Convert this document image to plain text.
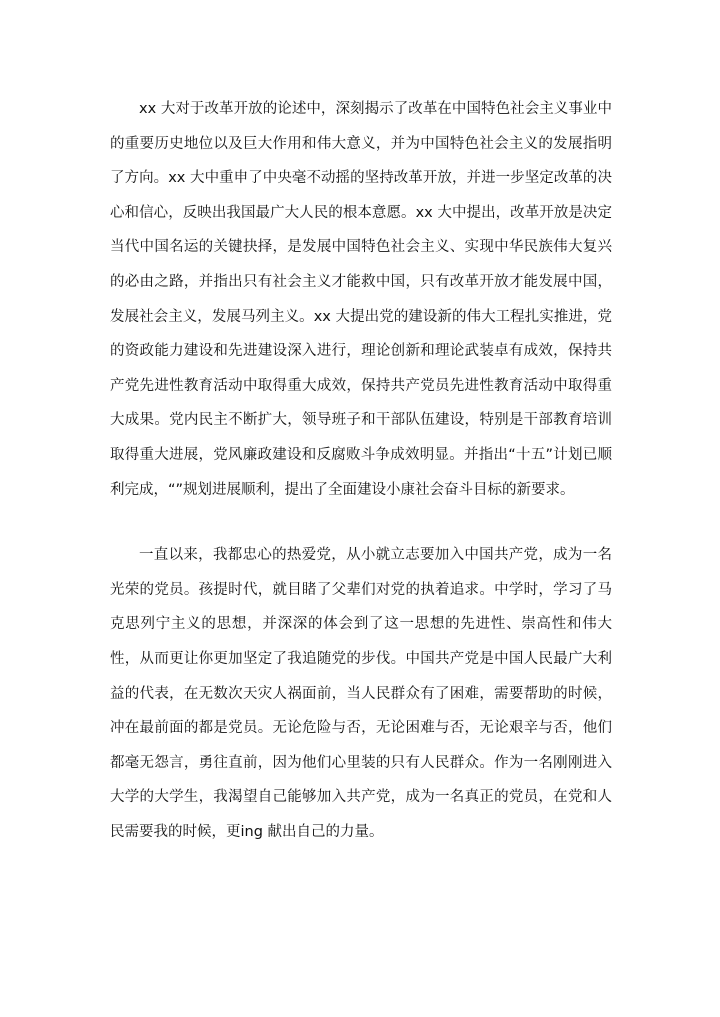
xx 大对于改革开放的论述中，深刻揭示了改革在中国特色社会主义事业中的重要历史地位以及巨大作用和伟大意义，并为中国特色社会主义的发展指明了方向。xx 大中重申了中央毫不动摇的坚持改革开放，并进一步坚定改革的决心和信心，反映出我国最广大人民的根本意愿。xx 大中提出，改革开放是决定当代中国名运的关键抉择，是发展中国特色社会主义、实现中华民族伟大复兴的必由之路，并指出只有社会主义才能救中国，只有改革开放才能发展中国，发展社会主义，发展马列主义。xx 大提出党的建设新的伟大工程扎实推进，党的资政能力建设和先进建设深入进行，理论创新和理论武装卓有成效，保持共产党先进性教育活动中取得重大成效，保持共产党员先进性教育活动中取得重大成果。党内民主不断扩大，领导班子和干部队伍建设，特别是干部教育培训取得重大进展，党风廉政建设和反腐败斗争成效明显。并指出“十五”计划已顺利完成，“”规划进展顺利，提出了全面建设小康社会奋斗目标的新要求。

一直以来，我都忠心的热爱党，从小就立志要加入中国共产党，成为一名光荣的党员。孩提时代，就目睹了父辈们对党的执着追求。中学时，学习了马克思列宁主义的思想，并深深的体会到了这一思想的先进性、崇高性和伟大性，从而更让你更加坚定了我追随党的步伐。中国共产党是中国人民最广大利益的代表，在无数次天灾人祸面前，当人民群众有了困难，需要帮助的时候，冲在最前面的都是党员。无论危险与否，无论困难与否，无论艰辛与否，他们都毫无怨言，勇往直前，因为他们心里装的只有人民群众。作为一名刚刚进入大学的大学生，我渴望自己能够加入共产党，成为一名真正的党员，在党和人民需要我的时候，更ing 献出自己的力量。
